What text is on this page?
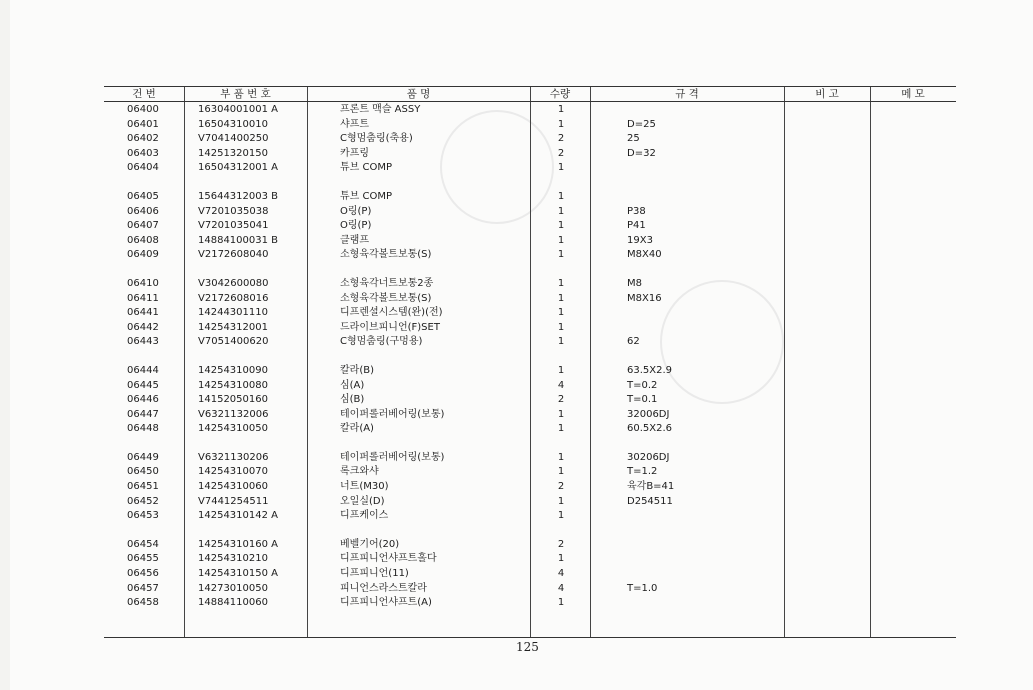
건 번	부 품 번 호	품 명	수량	규 격	비 고	메 모
06400	16304001001 A	프론트 맥슬 ASSY	1
06401	16504310010	샤프트	1	D=25
06402	V7041400250	C형멈춤링(축용)	2	25
06403	14251320150	카프링	2	D=32
06404	16504312001 A	튜브 COMP	1
06405	15644312003 B	튜브 COMP	1
06406	V7201035038	O링(P)	1	P38
06407	V7201035041	O링(P)	1	P41
06408	14884100031 B	클램프	1	19X3
06409	V2172608040	소형육각볼트보통(S)	1	M8X40
06410	V3042600080	소형육각너트보통2종	1	M8
06411	V2172608016	소형육각볼트보통(S)	1	M8X16
06441	14244301110	디프렌셜시스템(완)(전)	1
06442	14254312001	드라이브피니언(F)SET	1
06443	V7051400620	C형멈춤링(구멍용)	1	62
06444	14254310090	칼라(B)	1	63.5X2.9
06445	14254310080	심(A)	4	T=0.2
06446	14152050160	심(B)	2	T=0.1
06447	V6321132006	테이퍼롤러베어링(보통)	1	32006DJ
06448	14254310050	칼라(A)	1	60.5X2.6
06449	V6321130206	테이퍼롤러베어링(보통)	1	30206DJ
06450	14254310070	록크와샤	1	T=1.2
06451	14254310060	너트(M30)	2	육각B=41
06452	V7441254511	오일실(D)	1	D254511
06453	14254310142 A	디프케이스	1
06454	14254310160 A	베벨기어(20)	2
06455	14254310210	디프피니언샤프트홀다	1
06456	14254310150 A	디프피니언(11)	4
06457	14273010050	피니언스라스트칼라	4	T=1.0
06458	14884110060	디프피니언샤프트(A)	1
125
